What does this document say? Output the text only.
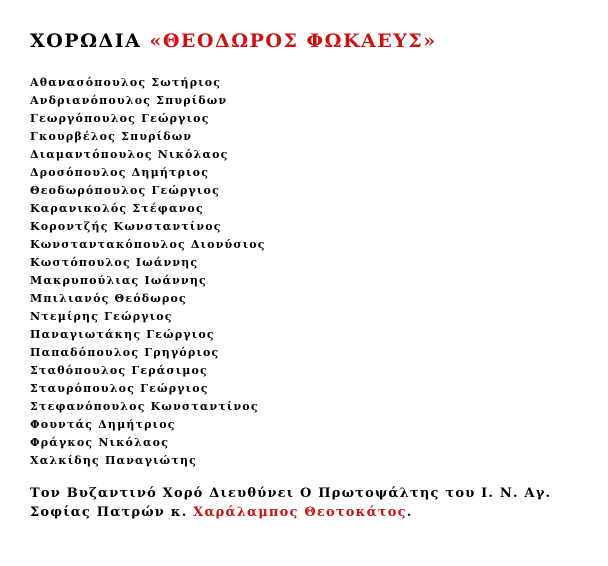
ΧΟΡΩΔΙΑ «ΘΕΟΔΩΡΟΣ ΦΩΚΑΕΥΣ»
Αθανασόπουλος Σωτήριος
Ανδριανόπουλος Σπυρίδων
Γεωργόπουλος Γεώργιος
Γκουρβέλος Σπυρίδων
Διαμαντόπουλος Νικόλαος
Δροσόπουλος Δημήτριος
Θεοδωρόπουλος Γεώργιος
Καρανικολός Στέφανος
Κοροντζής Κωνσταντίνος
Κωνσταντακόπουλος Διονύσιος
Κωστόπουλος Ιωάννης
Μακρυπούλιας Ιωάννης
Μπιλιανός Θεόδωρος
Ντεμίρης Γεώργιος
Παναγιωτάκης Γεώργιος
Παπαδόπουλος Γρηγόριος
Σταθόπουλος Γεράσιμος
Σταυρόπουλος Γεώργιος
Στεφανόπουλος Κωνσταντίνος
Φουντάς Δημήτριος
Φράγκος Νικόλαος
Χαλκίδης Παναγιώτης
Τον Βυζαντινό Χορό Διευθύνει Ο Πρωτοψάλτης του Ι. Ν. Αγ.
Σοφίας Πατρών κ. Χαράλαμπος Θεοτοκάτος.
